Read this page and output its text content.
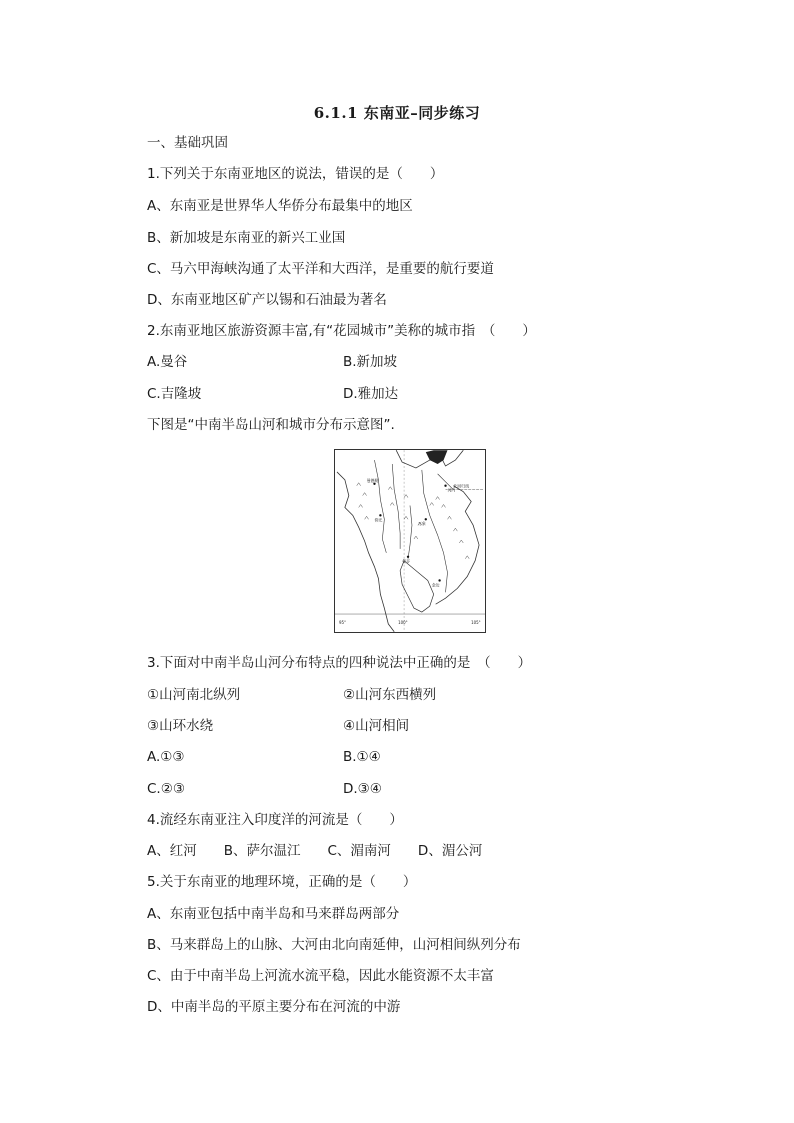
6.1.1 东南亚–同步练习
一、基础巩固
1.下列关于东南亚地区的说法，错误的是（　　）
A、东南亚是世界华人华侨分布最集中的地区
B、新加坡是东南亚的新兴工业国
C、马六甲海峡沟通了太平洋和大西洋，是重要的航行要道
D、东南亚地区矿产以锡和石油最为著名
2.东南亚地区旅游资源丰富,有“花园城市”美称的城市指　（　　）
A.曼谷	B.新加坡
C.吉隆坡	D.雅加达
下图是“中南半岛山河和城市分布示意图”.
北回归线
曼谷
河内
万象
金边
仰光
曼德勒
100°	105°
95°
3.下面对中南半岛山河分布特点的四种说法中正确的是　（　　）
①山河南北纵列	②山河东西横列
③山环水绕	④山河相间
A.①③	B.①④
C.②③	D.③④
4.流经东南亚注入印度洋的河流是（　　）
A、红河　　B、萨尔温江　　C、湄南河　　D、湄公河
5.关于东南亚的地理环境，正确的是（　　）
A、东南亚包括中南半岛和马来群岛两部分
B、马来群岛上的山脉、大河由北向南延伸，山河相间纵列分布
C、由于中南半岛上河流水流平稳，因此水能资源不太丰富
D、中南半岛的平原主要分布在河流的中游
